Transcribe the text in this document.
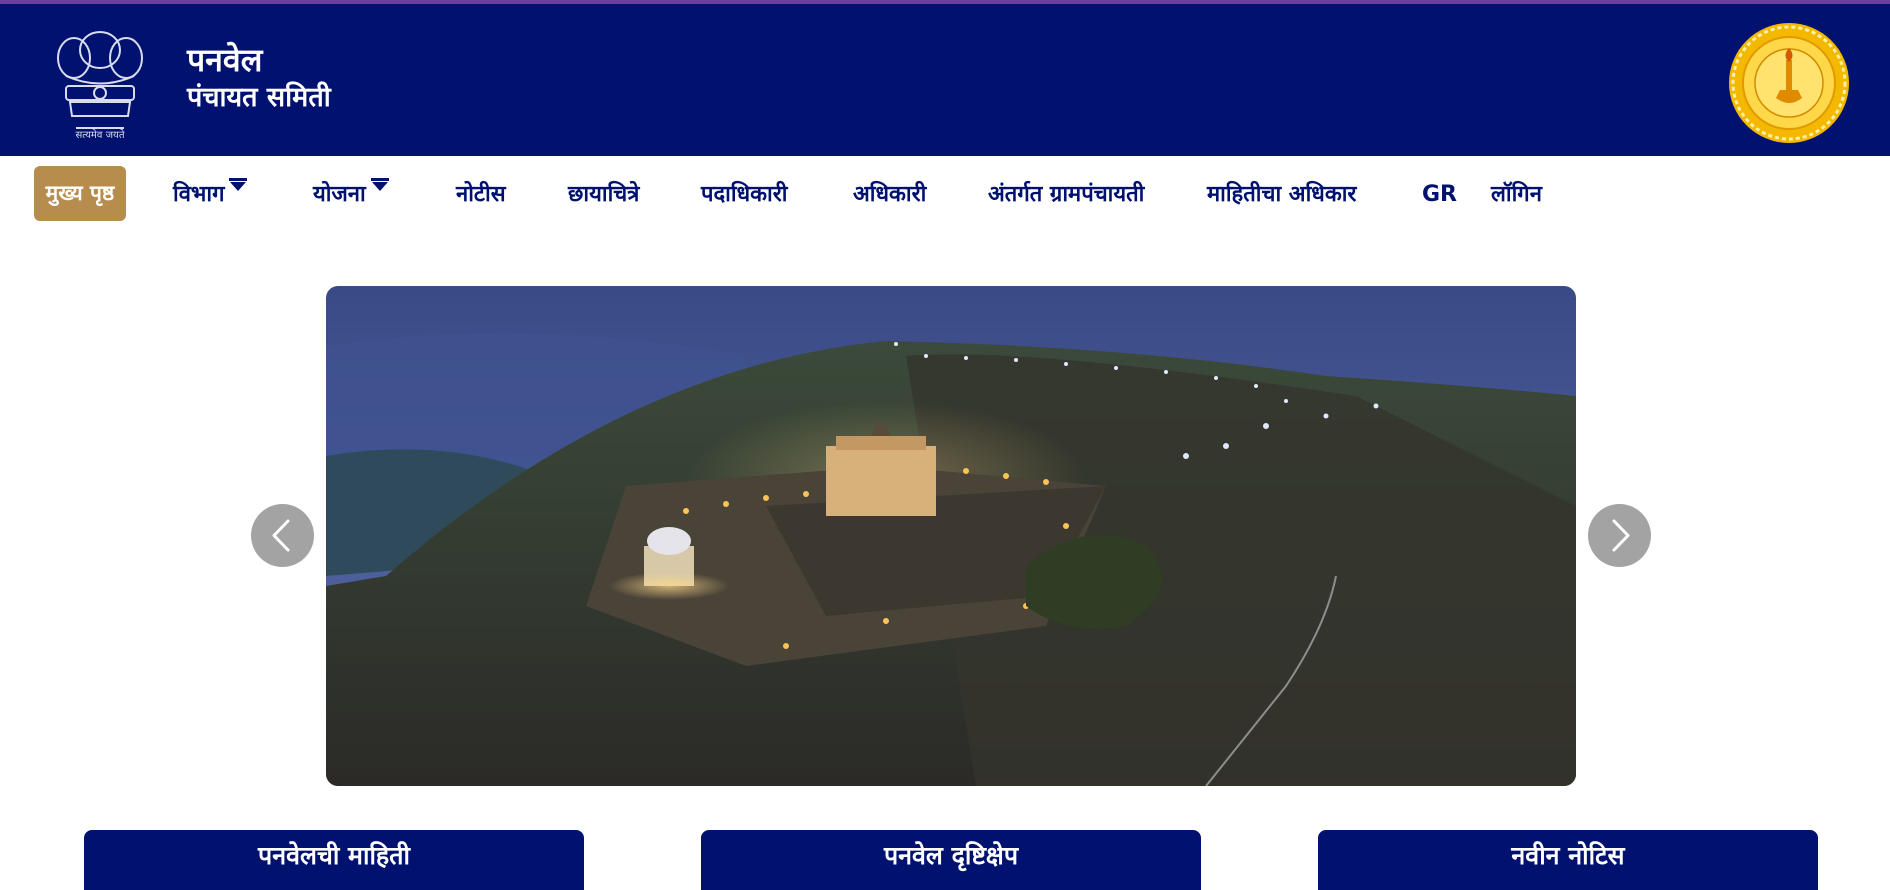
सत्यमेव जयते
पनवेल
पंचायत समिती
मुख्य पृष्ठ	विभाग	योजना	नोटीस	छायाचित्रे	पदाधिकारी	अधिकारी	अंतर्गत ग्रामपंचायती	माहितीचा अधिकार	GR लॉगिन
पनवेलची माहिती	पनवेल दृष्टिक्षेप	नवीन नोटिस
